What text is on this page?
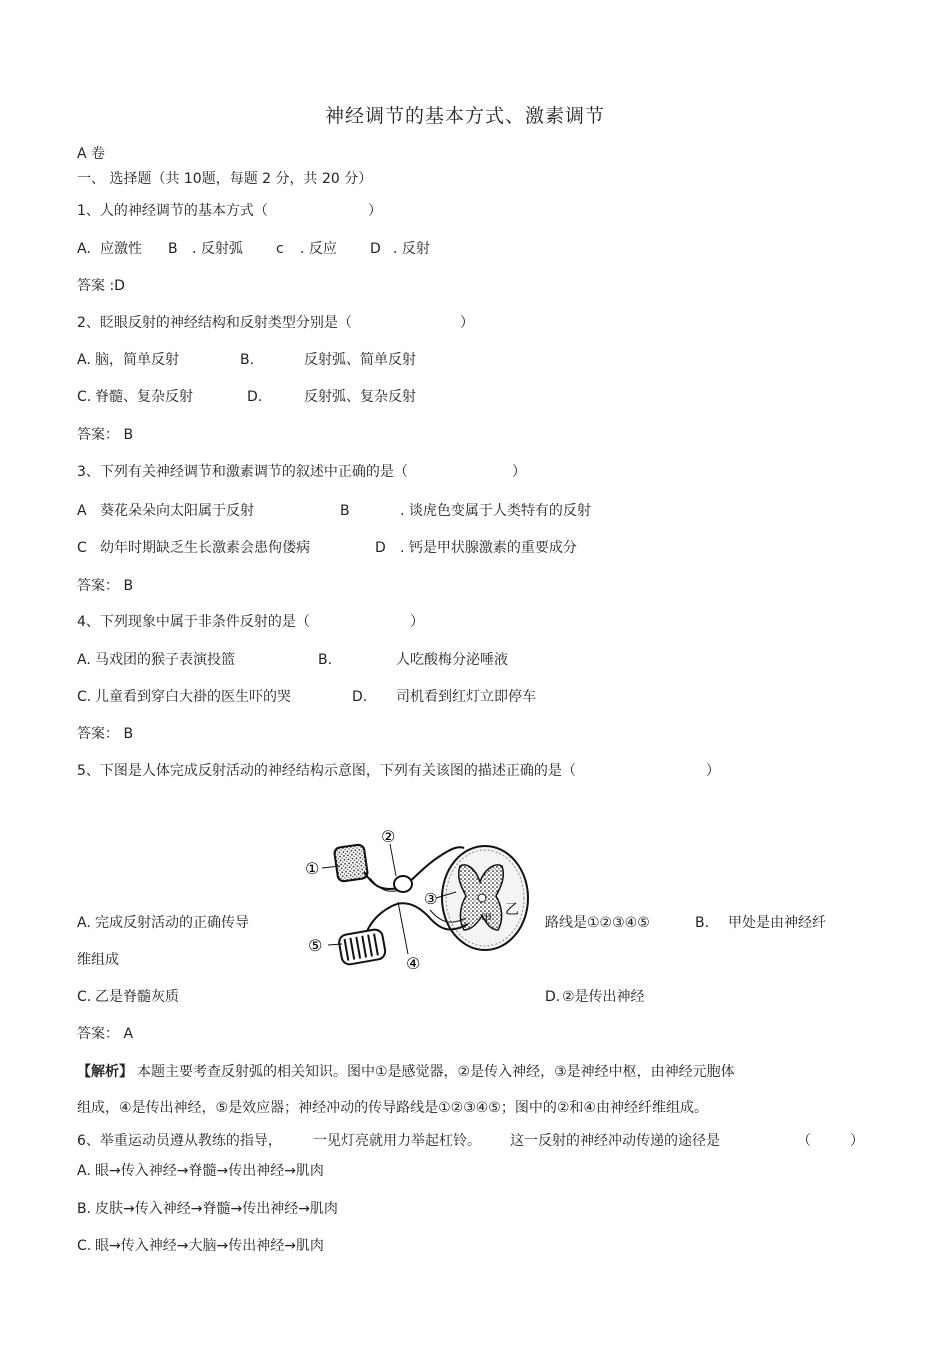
神经调节的基本方式、激素调节
A 卷
一、 选择题（共 10题，每题 2 分，共 20 分）
1、人的神经调节的基本方式（	）
A. 应激性 B . 反射弧 c . 反应 D . 反射
答案 :D
2、眨眼反射的神经结构和反射类型分别是（	）
A. 脑，简单反射	B.	反射弧、简单反射
C. 脊髓、复杂反射	D.	反射弧、复杂反射
答案： B
3、下列有关神经调节和激素调节的叙述中正确的是（	）
A 葵花朵朵向太阳属于反射	B	. 谈虎色变属于人类特有的反射
C 幼年时期缺乏生长激素会患佝偻病	D . 钙是甲状腺激素的重要成分
答案： B
4、下列现象中属于非条件反射的是（	）
A. 马戏团的猴子表演投篮	B.	人吃酸梅分泌唾液
C. 儿童看到穿白大褂的医生吓的哭	D. 司机看到红灯立即停车
答案： B
5、下图是人体完成反射活动的神经结构示意图，下列有关该图的描述正确的是（	）
①
②
③
④
⑤
甲
乙
A. 完成反射活动的正确传导	路线是①②③④⑤	B. 甲处是由神经纤
维组成
C. 乙是脊髓灰质	D. ②是传出神经
答案： A
【解析】 本题主要考查反射弧的相关知识。图中①是感觉器，②是传入神经，③是神经中枢，由神经元胞体
组成，④是传出神经，⑤是效应器；神经冲动的传导路线是①②③④⑤；图中的②和④由神经纤维组成。
6、举重运动员遵从教练的指导， 一见灯亮就用力举起杠铃。 这一反射的神经冲动传递的途径是	（	）
A. 眼→传入神经→脊髓→传出神经→肌肉
B. 皮肤→传入神经→脊髓→传出神经→肌肉
C. 眼→传入神经→大脑→传出神经→肌肉
